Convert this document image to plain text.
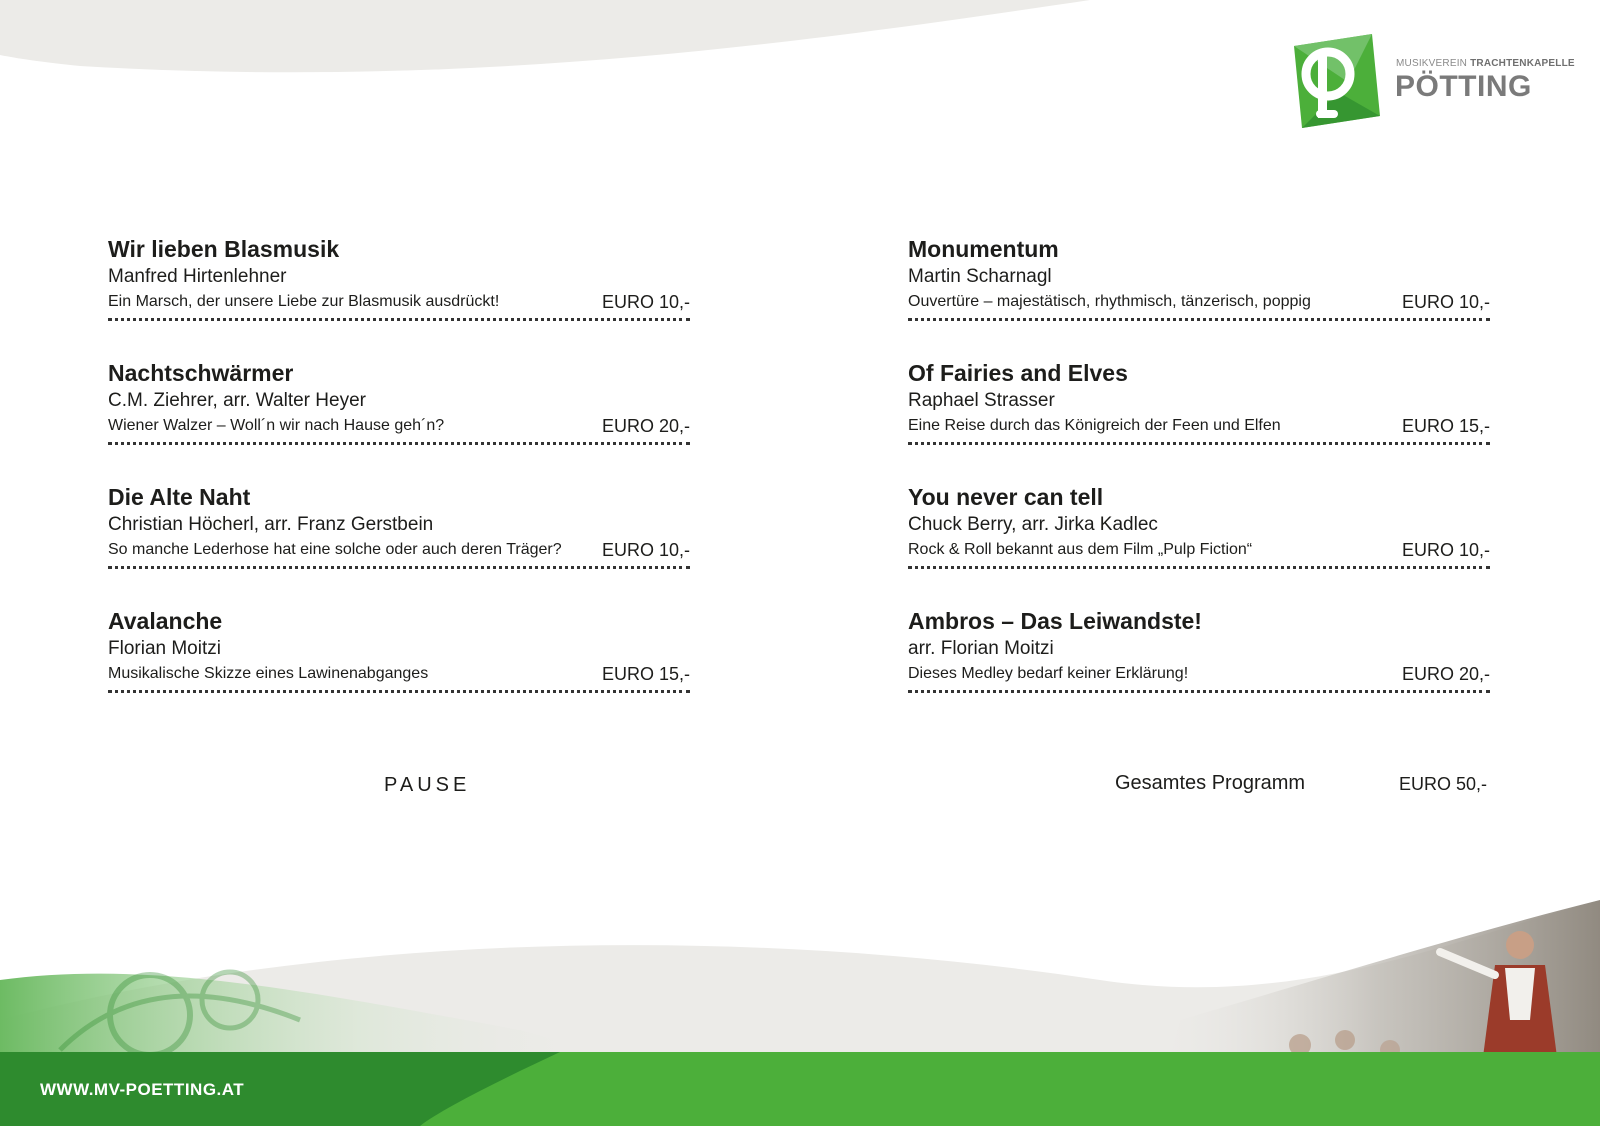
MUSIKVEREIN TRACHTENKAPELLE
PÖTTING
Wir lieben Blasmusik
Manfred Hirtenlehner
Ein Marsch, der unsere Liebe zur Blasmusik ausdrückt!	EURO 10,-
Nachtschwärmer
C.M. Ziehrer, arr. Walter Heyer
Wiener Walzer – Woll´n wir nach Hause geh´n?	EURO 20,-
Die Alte Naht
Christian Höcherl, arr. Franz Gerstbein
So manche Lederhose hat eine solche oder auch deren Träger? EURO 10,-
Avalanche
Florian Moitzi
Musikalische Skizze eines Lawinenabganges	EURO 15,-
Monumentum
Martin Scharnagl
Ouvertüre – majestätisch, rhythmisch, tänzerisch, poppig	EURO 10,-
Of Fairies and Elves
Raphael Strasser
Eine Reise durch das Königreich der Feen und Elfen	EURO 15,-
You never can tell
Chuck Berry, arr. Jirka Kadlec
Rock & Roll bekannt aus dem Film „Pulp Fiction“	EURO 10,-
Ambros – Das Leiwandste!
arr. Florian Moitzi
Dieses Medley bedarf keiner Erklärung!	EURO 20,-
PAUSE	Gesamtes Programm	EURO 50,-
WWW.MV-POETTING.AT
